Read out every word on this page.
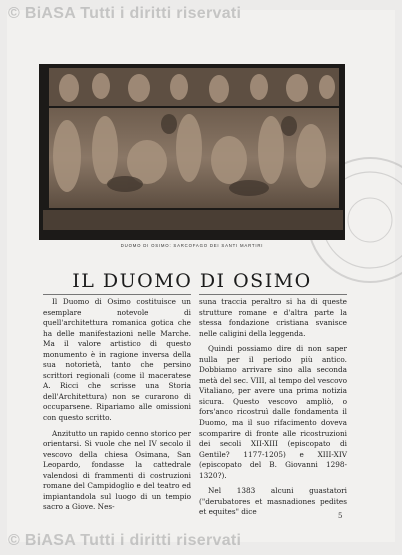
© BiASA Tutti i diritti riservati
DUOMO DI OSIMO: SARCOFAGO DEI SANTI MARTIRI
IL DUOMO DI OSIMO

Il Duomo di Osimo costituisce un esemplare notevole di quell'architettura romanica gotica che ha delle manifestazioni nelle Marche. Ma il valore artistico di questo monumento è in ragione inversa della sua notorietà, tanto che persino scrittori regionali (come il maceratese A. Ricci che scrisse una Storia dell'Architettura) non se curarono di occuparsene. Ripariamo alle omissioni con questo scritto.

Anzitutto un rapido cenno storico per orientarsi. Si vuole che nel IV secolo il vescovo della chiesa Osimana, San Leopardo, fondasse la cattedrale valendosi di frammenti di costruzioni romane del Campidoglio e del teatro ed impiantandola sul luogo di un tempio sacro a Giove. Nes-

suna traccia peraltro si ha di queste strutture romane e d'altra parte la stessa fondazione cristiana svanisce nelle caligini della leggenda.

Quindi possiamo dire di non saper nulla per il periodo più antico. Dobbiamo arrivare sino alla seconda metà del sec. VIII, al tempo del vescovo Vitaliano, per avere una prima notizia sicura. Questo vescovo ampliò, o fors'anco ricostruì dalle fondamenta il Duomo, ma il suo rifacimento doveva scomparire di fronte alle ricostruzioni dei secoli XII-XIII (episcopato di Gentile? 1177-1205) e XIII-XIV (episcopato del B. Giovanni 1298-1320?).

Nel 1383 alcuni guastatori ("derubatores et masnadiones pedites et equites" dice	5
© BiASA Tutti i diritti riservati
